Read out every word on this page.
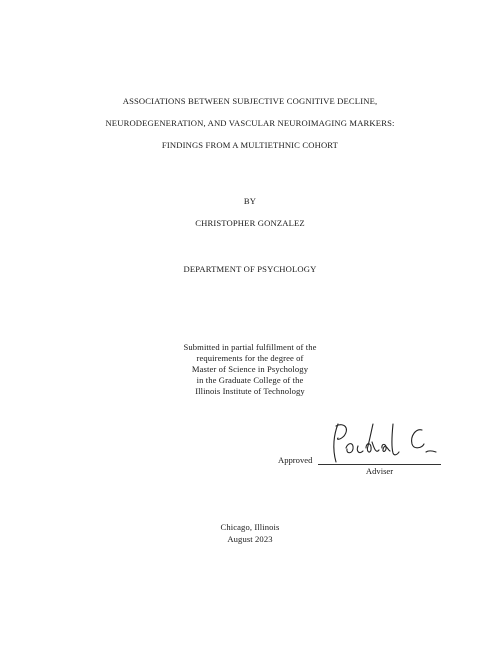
ASSOCIATIONS BETWEEN SUBJECTIVE COGNITIVE DECLINE,
NEURODEGENERATION, AND VASCULAR NEUROIMAGING MARKERS:
FINDINGS FROM A MULTIETHNIC COHORT
BY
CHRISTOPHER GONZALEZ
DEPARTMENT OF PSYCHOLOGY
Submitted in partial fulfillment of the
requirements for the degree of
Master of Science in Psychology
in the Graduate College of the
Illinois Institute of Technology
Approved
Adviser
Chicago, Illinois
August 2023
